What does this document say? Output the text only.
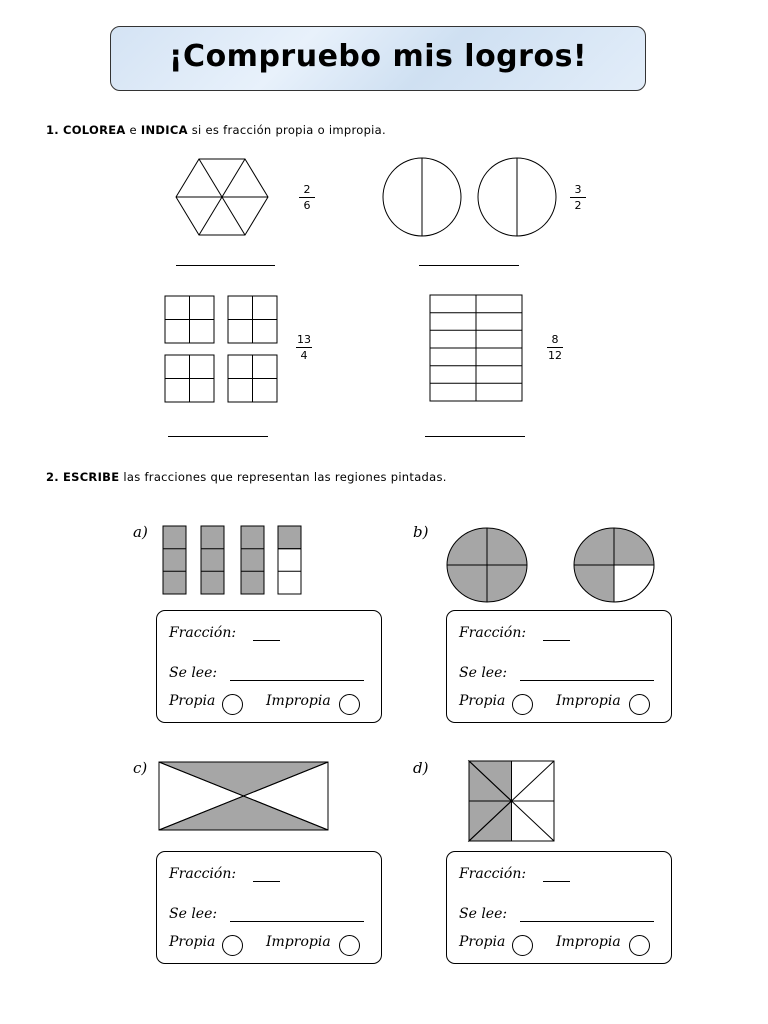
¡Compruebo mis logros!
1. COLOREA e INDICA si es fracción propia o impropia.
2
6
3
2
13
4
8
12
2. ESCRIBE las fracciones que representan las regiones pintadas.
a)	b)
c)	d)
Fracción:
Se lee:
Propia	Impropia
Fracción:
Se lee:
Propia	Impropia
Fracción:
Se lee:
Propia	Impropia
Fracción:
Se lee:
Propia	Impropia
